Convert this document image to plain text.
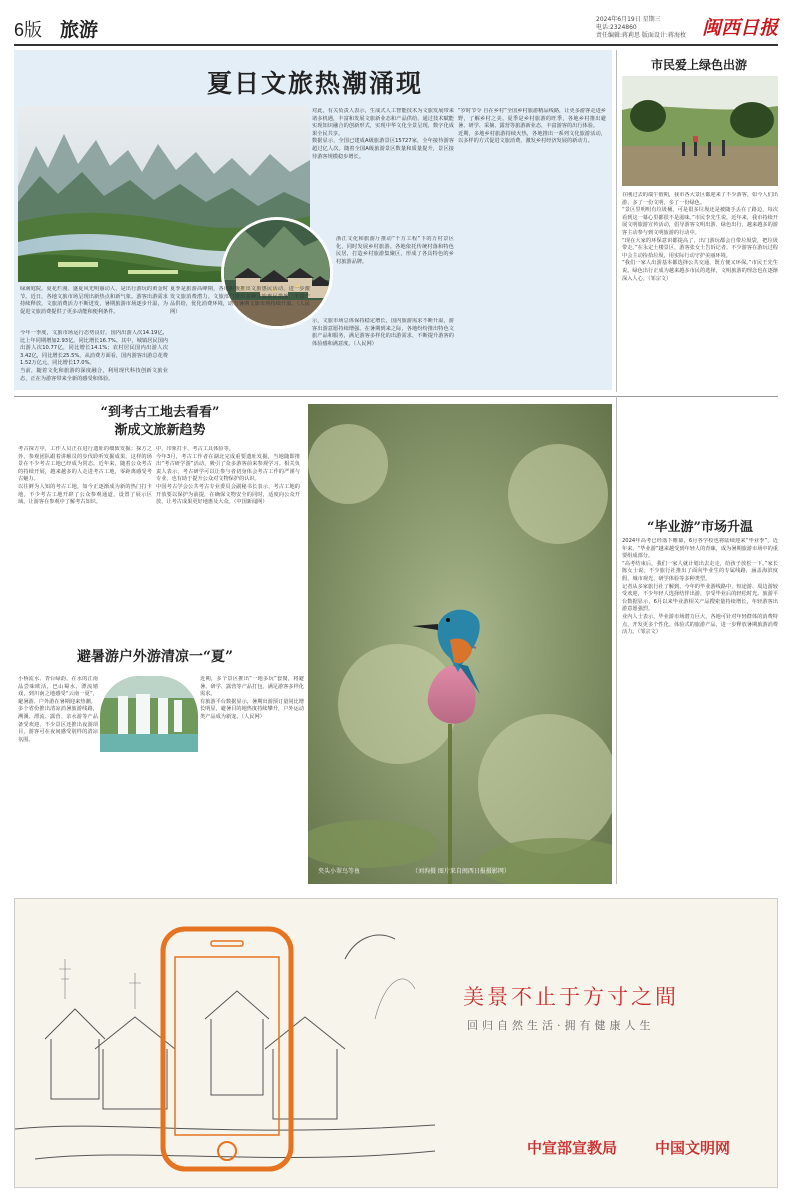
6版 旅游
2024年6月19日 星期三
电话:2324860
责任编辑:蒋莉思 版面设计:蒋海枚 闽西日报
夏日文旅热潮涌现
绿满庭院。夏花烂漫、盛夏风光明丽动人，是出行游玩的黄金时节。近日，各地文旅市场呈现出新热点和新气象。游客出游需求持续释放，文旅消费活力不断迸发，暑期旅游市场逐步升温，为促进文旅消费提供了更多动能和便利条件。
今年一季度，文旅市场运行态势良好。国内出游人次14.19亿，比上年同期增加2.93亿，同比增长16.7%。其中，城镇居民国内出游人次10.77亿，同比增长14.1%；农村居民国内出游人次3.42亿，同比增长25.5%。从消费方面看，国内游客出游总花费1.52万亿元，同比增长17.0%。
当前，随着文化和旅游的深度融合，利用现代科技创新文旅业态，正在为游客带来全新的感受和体验。
对此，有关负责人表示，生成式人工智能技术为文旅发展带来诸多机遇，丰富和发展文旅新业态和产品供给，通过技术赋能实现知识融合的创新形式，实现中华文化全景呈现，数字化成果全民共享。
数据显示，全国已建成A级旅游景区15727家，全年接待游客超过亿人次。随着全国A级旅游景区数量和质量提升，景区接待游客规模稳步增长。
“岁时节令 自在乡村”全国乡村旅游精品线路，让更多游客走进乡野，了解乡村之美。夏季是乡村旅游的旺季，各地乡村推出避暑、研学、采摘、露营等旅游新业态，丰富游客的出行体验。
近期，多地乡村旅游持续火热，各地推出一系列文化旅游活动，以多样的方式促进文旅消费，激发乡村经济发展的新动力。
浙江文化和旅游厅推动“千万工程”下的万村景区化，同时发展乡村旅游。各地依托传统村落和特色民居，打造乡村旅游集聚区，形成了各具特色的乡村旅游品牌。
夏季是旅游高峰期，各地积极推出文旅惠民活动，进一步激发文旅消费潜力。文旅部门推出多种文旅惠民措施，丰富产品供给，优化消费环境，助力暑期文旅市场持续升温。（人民网）
示，文旅市场总体保持稳定增长，国内旅游需求不断升温，游客出游意愿持续增强。在暑期到来之际，各地纷纷推出特色文旅产品和服务，满足游客多样化的出游需求，不断提升游客的体验感和满意度。（人民网）
市民爱上绿色出游
在刚过去的端午假期，我市各大景区都迎来了不少游客。如今人们出游，多了一份文明，多了一份绿色。
“景区里明明有垃圾桶，可是很多垃圾还是被随手丢在了路边，每次看到这一幕心里都很不是滋味。”市民李先生说。近年来，我市持续开展文明旅游宣传活动，倡导游客文明出游、绿色出行，越来越多的游客主动参与到文明旅游的行动中。
“现在大家的环保意识都提高了，出门游玩都会自带垃圾袋，把垃圾带走。”在永定土楼景区，游客张女士告诉记者。不少游客在游玩过程中会主动捡拾垃圾，用实际行动守护美丽环境。
“我们一家人出游基本都选择公共交通，既方便又环保。”市民王先生说。绿色出行正成为越来越多市民的选择，文明旅游的理念也在逐渐深入人心。（邹宗文）
“到考古工地去看看”
渐成文旅新趋势
考古探方中，工作人员正在进行遗址的细致发掘；探方之外，参观团队跟着讲解员的步伐聆听发掘成果。这样的场景在不少考古工地已经成为常态。近年来，随着公众考古的持续开展，越来越多的人走进考古工地，零距离感受考古魅力。
以往鲜为人知的考古工地，如今正逐渐成为新的热门打卡地。不少考古工地开辟了公众参观通道，设置了展示区域，让游客在参观中了解考古知识。
中，印象打卡，考古工具体验等。
今年3月，考古工作者在湖北完成重要遗址发掘，当地随即推出“考古研学游”活动，吸引了众多游客前来参观学习。相关负责人表示，考古研学可以让参与者切身体会考古工作的严谨与专业，也有助于提升公众对文物保护的认识。
中国考古学会公共考古专业委员会副秘书长表示，考古工地的开放要以保护为前提，在确保文物安全的同时，适度向公众开放，让考古成果更好地惠及大众。（中国新闻网）
避暑游户外游清凉一“夏”
小桥流水、青台绿韵，在水的江南品尝味欧活，巴山蜀水、漂流嬉戏，到川南之地感受“云南一夏”，避暑游、户外游在暑期迎来热潮。
多个省份推出清凉消暑旅游线路，溯溪、漂流、露营、亲水游等产品备受欢迎，不少景区还推出夜游项目，游客可在夜间感受别样的清凉氛围。
近期，多个景区推出“一地多玩”套餐，将避暑、研学、露营等产品打包，满足游客多样化需求。
有旅游平台数据显示，暑期出游预订量同比增长明显，避暑目的地热度持续攀升，户外运动类产品成为新宠。（人民网）
夹头小翠鸟等鱼	（刘洵摄 图片来自闽西日报摄影网）
“毕业游”市场升温
2024年高考已经落下帷幕，6月各学校也将陆续迎来“毕业季”。近年来，“毕业游”越来越受到年轻人的青睐，成为暑期旅游市场中的重要组成部分。
“高考结束后，我们一家人就计划出去走走，给孩子放松一下。”家长陈女士说。不少旅行社推出了面向毕业生的专属线路，涵盖海滨度假、城市观光、研学体验等多种类型。
记者从多家旅行社了解到，今年的毕业游线路中，短途游、周边游较受欢迎，不少年轻人选择结伴出游，享受毕业后的轻松时光。旅游平台数据显示，6月以来毕业游相关产品搜索量持续增长，年轻游客出游意愿强烈。
业内人士表示，毕业游市场潜力巨大，各地可针对年轻群体的消费特点，开发更多个性化、体验式的旅游产品，进一步释放暑期旅游消费活力。（邹宗文）
美景不止于方寸之間
回归自然生活·拥有健康人生
中宣部宣教局	中国文明网
